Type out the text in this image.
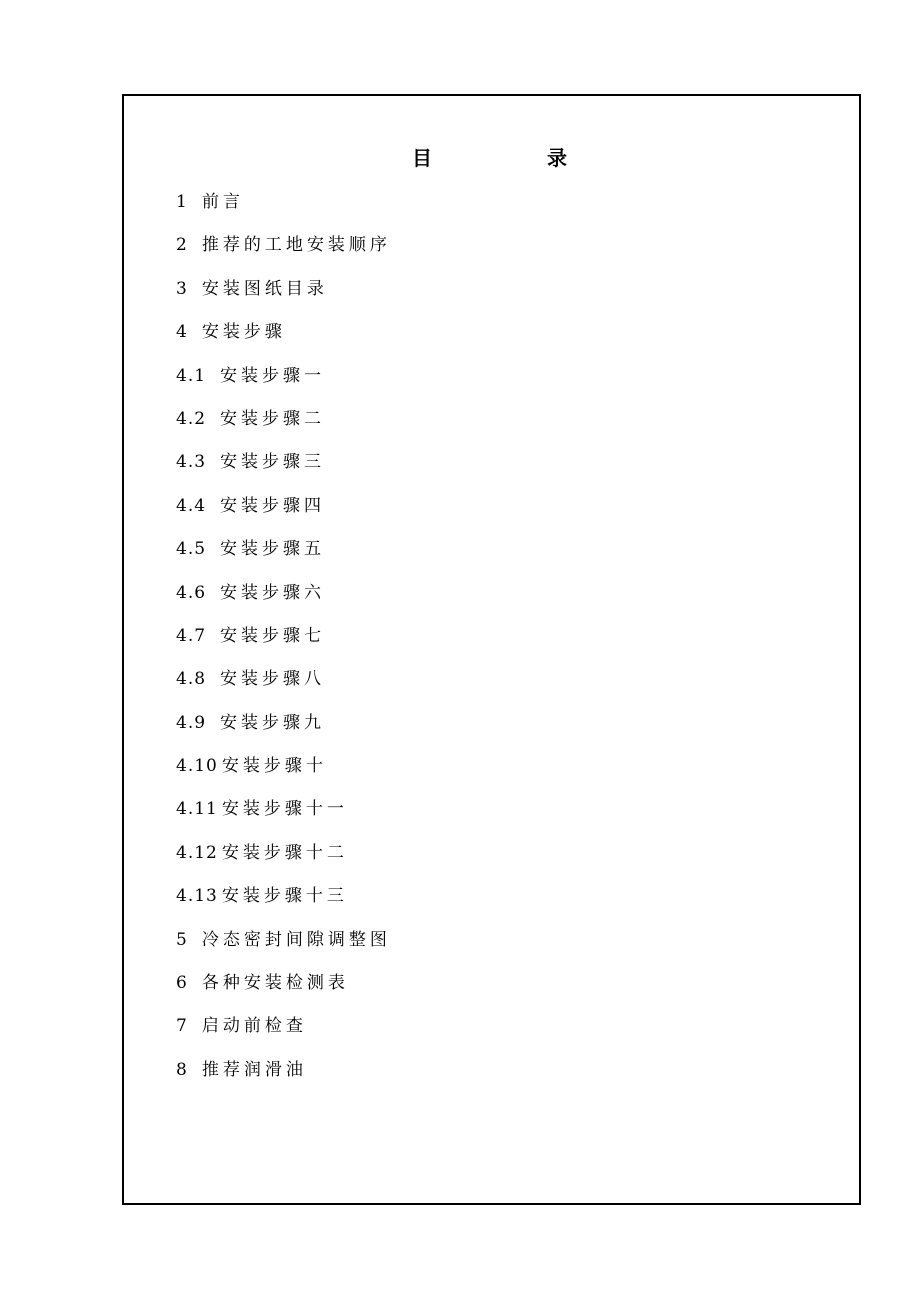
目	录
1 前言
2 推荐的工地安装顺序
3 安装图纸目录
4 安装步骤
4.1 安装步骤一
4.2 安装步骤二
4.3 安装步骤三
4.4 安装步骤四
4.5 安装步骤五
4.6 安装步骤六
4.7 安装步骤七
4.8 安装步骤八
4.9 安装步骤九
4.10 安装步骤十
4.11 安装步骤十一
4.12 安装步骤十二
4.13 安装步骤十三
5 冷态密封间隙调整图
6 各种安装检测表
7 启动前检查
8 推荐润滑油
